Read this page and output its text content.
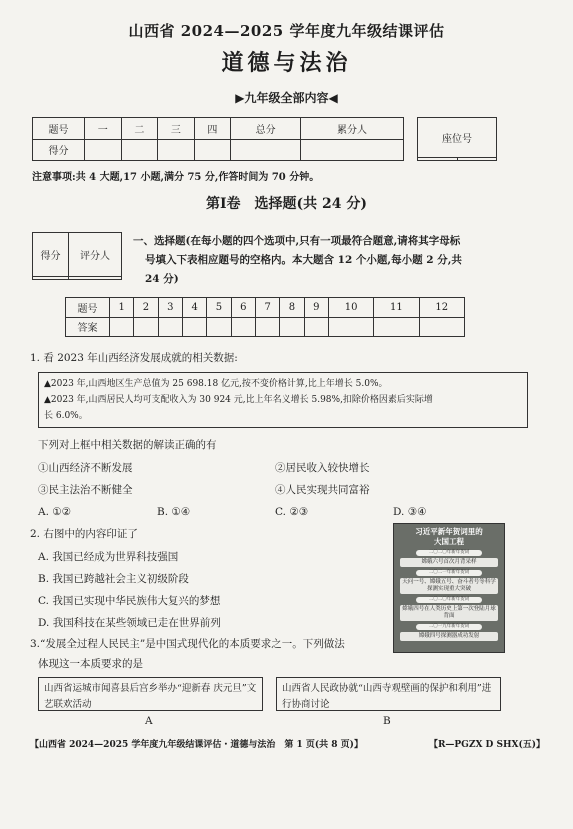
山西省 2024—2025 学年度九年级结课评估
道德与法治
▶九年级全部内容◀
题号	一	二	三	四	总分	累分人
得分						
座位号

注意事项:共 4 大题,17 小题,满分 75 分,作答时间为 70 分钟。
第Ⅰ卷　选择题(共 24 分)
得分	评分人

一、选择题(在每小题的四个选项中,只有一项最符合题意,请将其字母标
号填入下表相应题号的空格内。本大题含 12 个小题,每小题 2 分,共
24 分)
题号	1	2	3	4	5	6	7	8	9	10	11	12
答案												
1. 看 2023 年山西经济发展成就的相关数据:
▲2023 年,山西地区生产总值为 25 698.18 亿元,按不变价格计算,比上年增长 5.0%。
▲2023 年,山西居民人均可支配收入为 30 924 元,比上年名义增长 5.98%,扣除价格因素后实际增
长 6.0%。
下列对上框中相关数据的解读正确的有
①山西经济不断发展	②居民收入较快增长
③民主法治不断健全	④人民实现共同富裕
A. ①②	B. ①④	C. ②③	D. ③④
2. 右图中的内容印证了
A. 我国已经成为世界科技强国
B. 我国已跨越社会主义初级阶段
C. 我国已实现中华民族伟大复兴的梦想
D. 我国科技在某些领域已走在世界前列
习近平新年贺词里的
大国工程
二〇二〇年新年贺词
嫦娥六号首次月背采样
二〇二一年新年贺词
天问一号、嫦娥五号、奋斗者号等科学探测实现重大突破
二〇二〇年新年贺词
嫦娥四号在人类历史上第一次登陆月球背面
二〇一九年新年贺词
嫦娥四号探测器成功发射
3.“发展全过程人民民主”是中国式现代化的本质要求之一。下列做法
体现这一本质要求的是
山西省运城市闻喜县后宫乡举办“迎新春 庆元旦”文艺联欢活动
山西省人民政协就“山西寺观壁画的保护和利用”进行协商讨论
A	B
【山西省 2024—2025 学年度九年级结课评估・道德与法治　第 1 页(共 8 页)】	【R—PGZX D SHX(五)】
